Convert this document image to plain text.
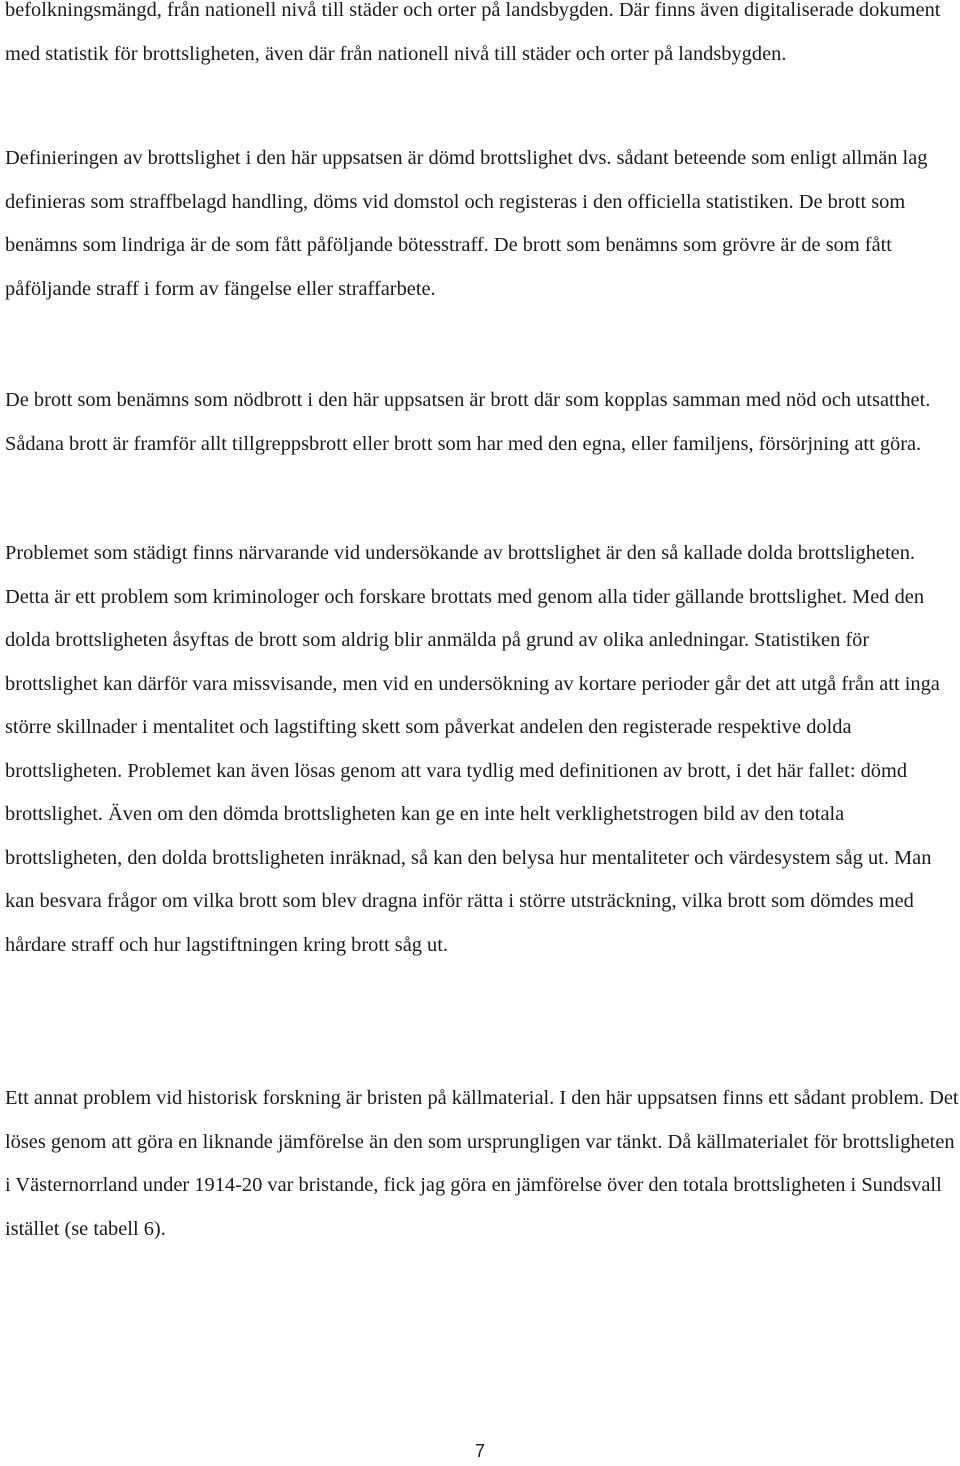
befolkningsmängd, från nationell nivå till städer och orter på landsbygden. Där finns även digitaliserade dokument med statistik för brottsligheten, även där från nationell nivå till städer och orter på landsbygden.

Definieringen av brottslighet i den här uppsatsen är dömd brottslighet dvs. sådant beteende som enligt allmän lag definieras som straffbelagd handling, döms vid domstol och registeras i den officiella statistiken. De brott som benämns som lindriga är de som fått påföljande bötesstraff. De brott som benämns som grövre är de som fått påföljande straff i form av fängelse eller straffarbete.

De brott som benämns som nödbrott i den här uppsatsen är brott där som kopplas samman med nöd och utsatthet. Sådana brott är framför allt tillgreppsbrott eller brott som har med den egna, eller familjens, försörjning att göra.

Problemet som städigt finns närvarande vid undersökande av brottslighet är den så kallade dolda brottsligheten. Detta är ett problem som kriminologer och forskare brottats med genom alla tider gällande brottslighet. Med den dolda brottsligheten åsyftas de brott som aldrig blir anmälda på grund av olika anledningar. Statistiken för brottslighet kan därför vara missvisande, men vid en undersökning av kortare perioder går det att utgå från att inga större skillnader i mentalitet och lagstifting skett som påverkat andelen den registerade respektive dolda brottsligheten. Problemet kan även lösas genom att vara tydlig med definitionen av brott, i det här fallet: dömd brottslighet. Även om den dömda brottsligheten kan ge en inte helt verklighetstrogen bild av den totala brottsligheten, den dolda brottsligheten inräknad, så kan den belysa hur mentaliteter och värdesystem såg ut. Man kan besvara frågor om vilka brott som blev dragna inför rätta i större utsträckning, vilka brott som dömdes med hårdare straff och hur lagstiftningen kring brott såg ut.

Ett annat problem vid historisk forskning är bristen på källmaterial. I den här uppsatsen finns ett sådant problem. Det löses genom att göra en liknande jämförelse än den som ursprungligen var tänkt. Då källmaterialet för brottsligheten i Västernorrland under 1914-20 var bristande, fick jag göra en jämförelse över den totala brottsligheten i Sundsvall istället (se tabell 6).

7
